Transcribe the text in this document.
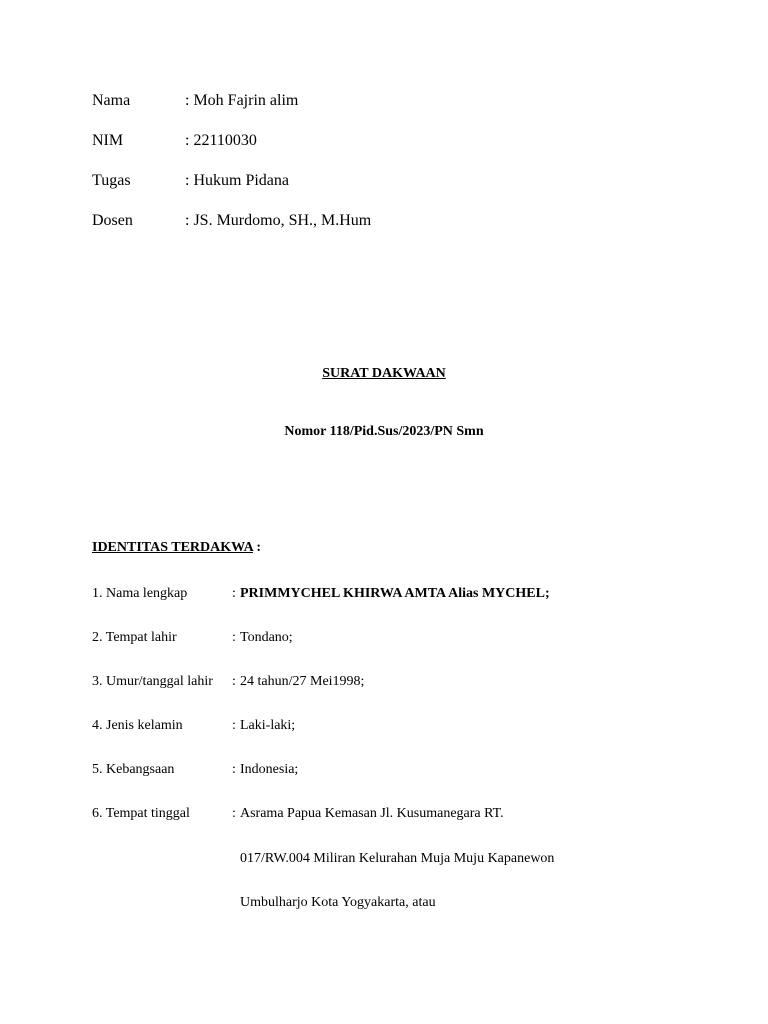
Nama	: Moh Fajrin alim
NIM	: 22110030
Tugas	: Hukum Pidana
Dosen	: JS. Murdomo, SH., M.Hum
SURAT DAKWAAN
Nomor 118/Pid.Sus/2023/PN Smn
IDENTITAS TERDAKWA :
1. Nama lengkap	: PRIMMYCHEL KHIRWA AMTA Alias MYCHEL;
2. Tempat lahir	: Tondano;
3. Umur/tanggal lahir : 24 tahun/27 Mei1998;
4. Jenis kelamin	: Laki-laki;
5. Kebangsaan	: Indonesia;
6. Tempat tinggal	: Asrama Papua Kemasan Jl. Kusumanegara RT.
017/RW.004 Miliran Kelurahan Muja Muju Kapanewon
Umbulharjo Kota Yogyakarta, atau
